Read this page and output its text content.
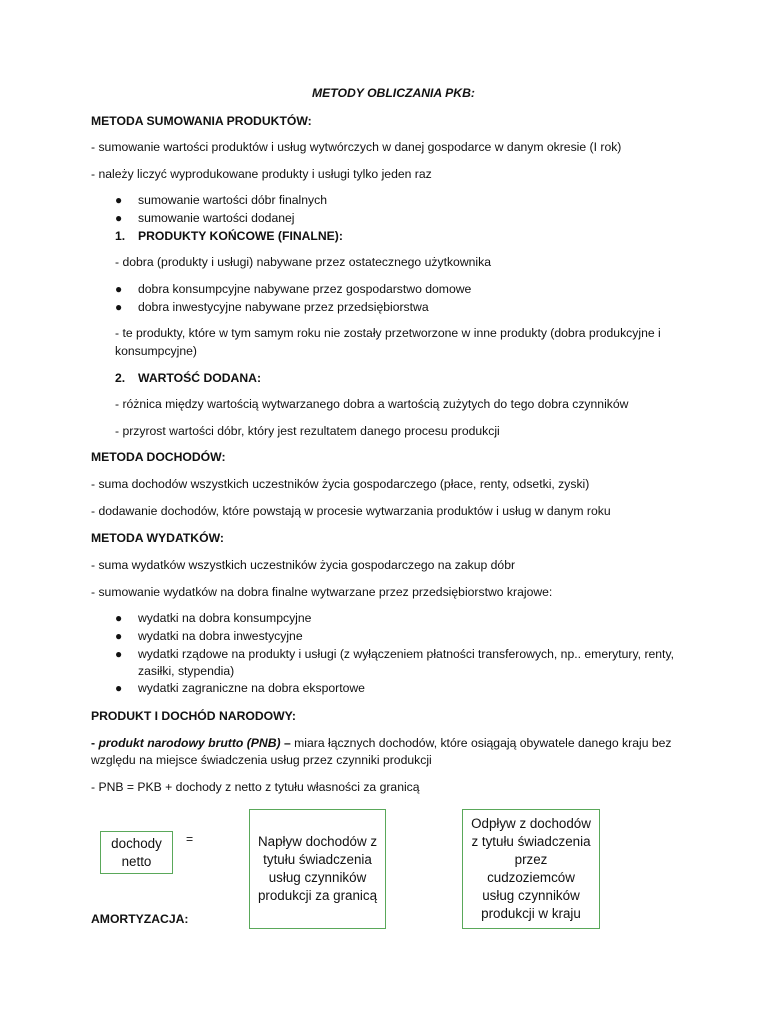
METODY OBLICZANIA PKB:
METODA SUMOWANIA PRODUKTÓW:
- sumowanie wartości produktów i usług wytwórczych w danej gospodarce w danym okresie (I rok)
- należy liczyć wyprodukowane produkty i usługi tylko jeden raz
● sumowanie wartości dóbr finalnych
● sumowanie wartości dodanej
1. PRODUKTY KOŃCOWE (FINALNE):
- dobra (produkty i usługi) nabywane przez ostatecznego użytkownika
● dobra konsumpcyjne nabywane przez gospodarstwo domowe
● dobra inwestycyjne nabywane przez przedsiębiorstwa
- te produkty, które w tym samym roku nie zostały przetworzone w inne produkty (dobra produkcyjne i
konsumpcyjne)
2. WARTOŚĆ DODANA:
- różnica między wartością wytwarzanego dobra a wartością zużytych do tego dobra czynników
- przyrost wartości dóbr, który jest rezultatem danego procesu produkcji
METODA DOCHODÓW:
- suma dochodów wszystkich uczestników życia gospodarczego (płace, renty, odsetki, zyski)
- dodawanie dochodów, które powstają w procesie wytwarzania produktów i usług w danym roku
METODA WYDATKÓW:
- suma wydatków wszystkich uczestników życia gospodarczego na zakup dóbr
- sumowanie wydatków na dobra finalne wytwarzane przez przedsiębiorstwo krajowe:
● wydatki na dobra konsumpcyjne
● wydatki na dobra inwestycyjne
● wydatki rządowe na produkty i usługi (z wyłączeniem płatności transferowych, np.. emerytury, renty,
zasiłki, stypendia)
● wydatki zagraniczne na dobra eksportowe
PRODUKT I DOCHÓD NARODOWY:
- produkt narodowy brutto (PNB) – miara łącznych dochodów, które osiągają obywatele danego kraju bez
względu na miejsce świadczenia usług przez czynniki produkcji
- PNB = PKB + dochody z netto z tytułu własności za granicą
dochody
netto
=	Napływ dochodów z
tytułu świadczenia
usług czynników
produkcji za granicą
Odpływ z dochodów
z tytułu świadczenia
przez
cudzoziemców
usług czynników
produkcji w kraju
AMORTYZACJA:
